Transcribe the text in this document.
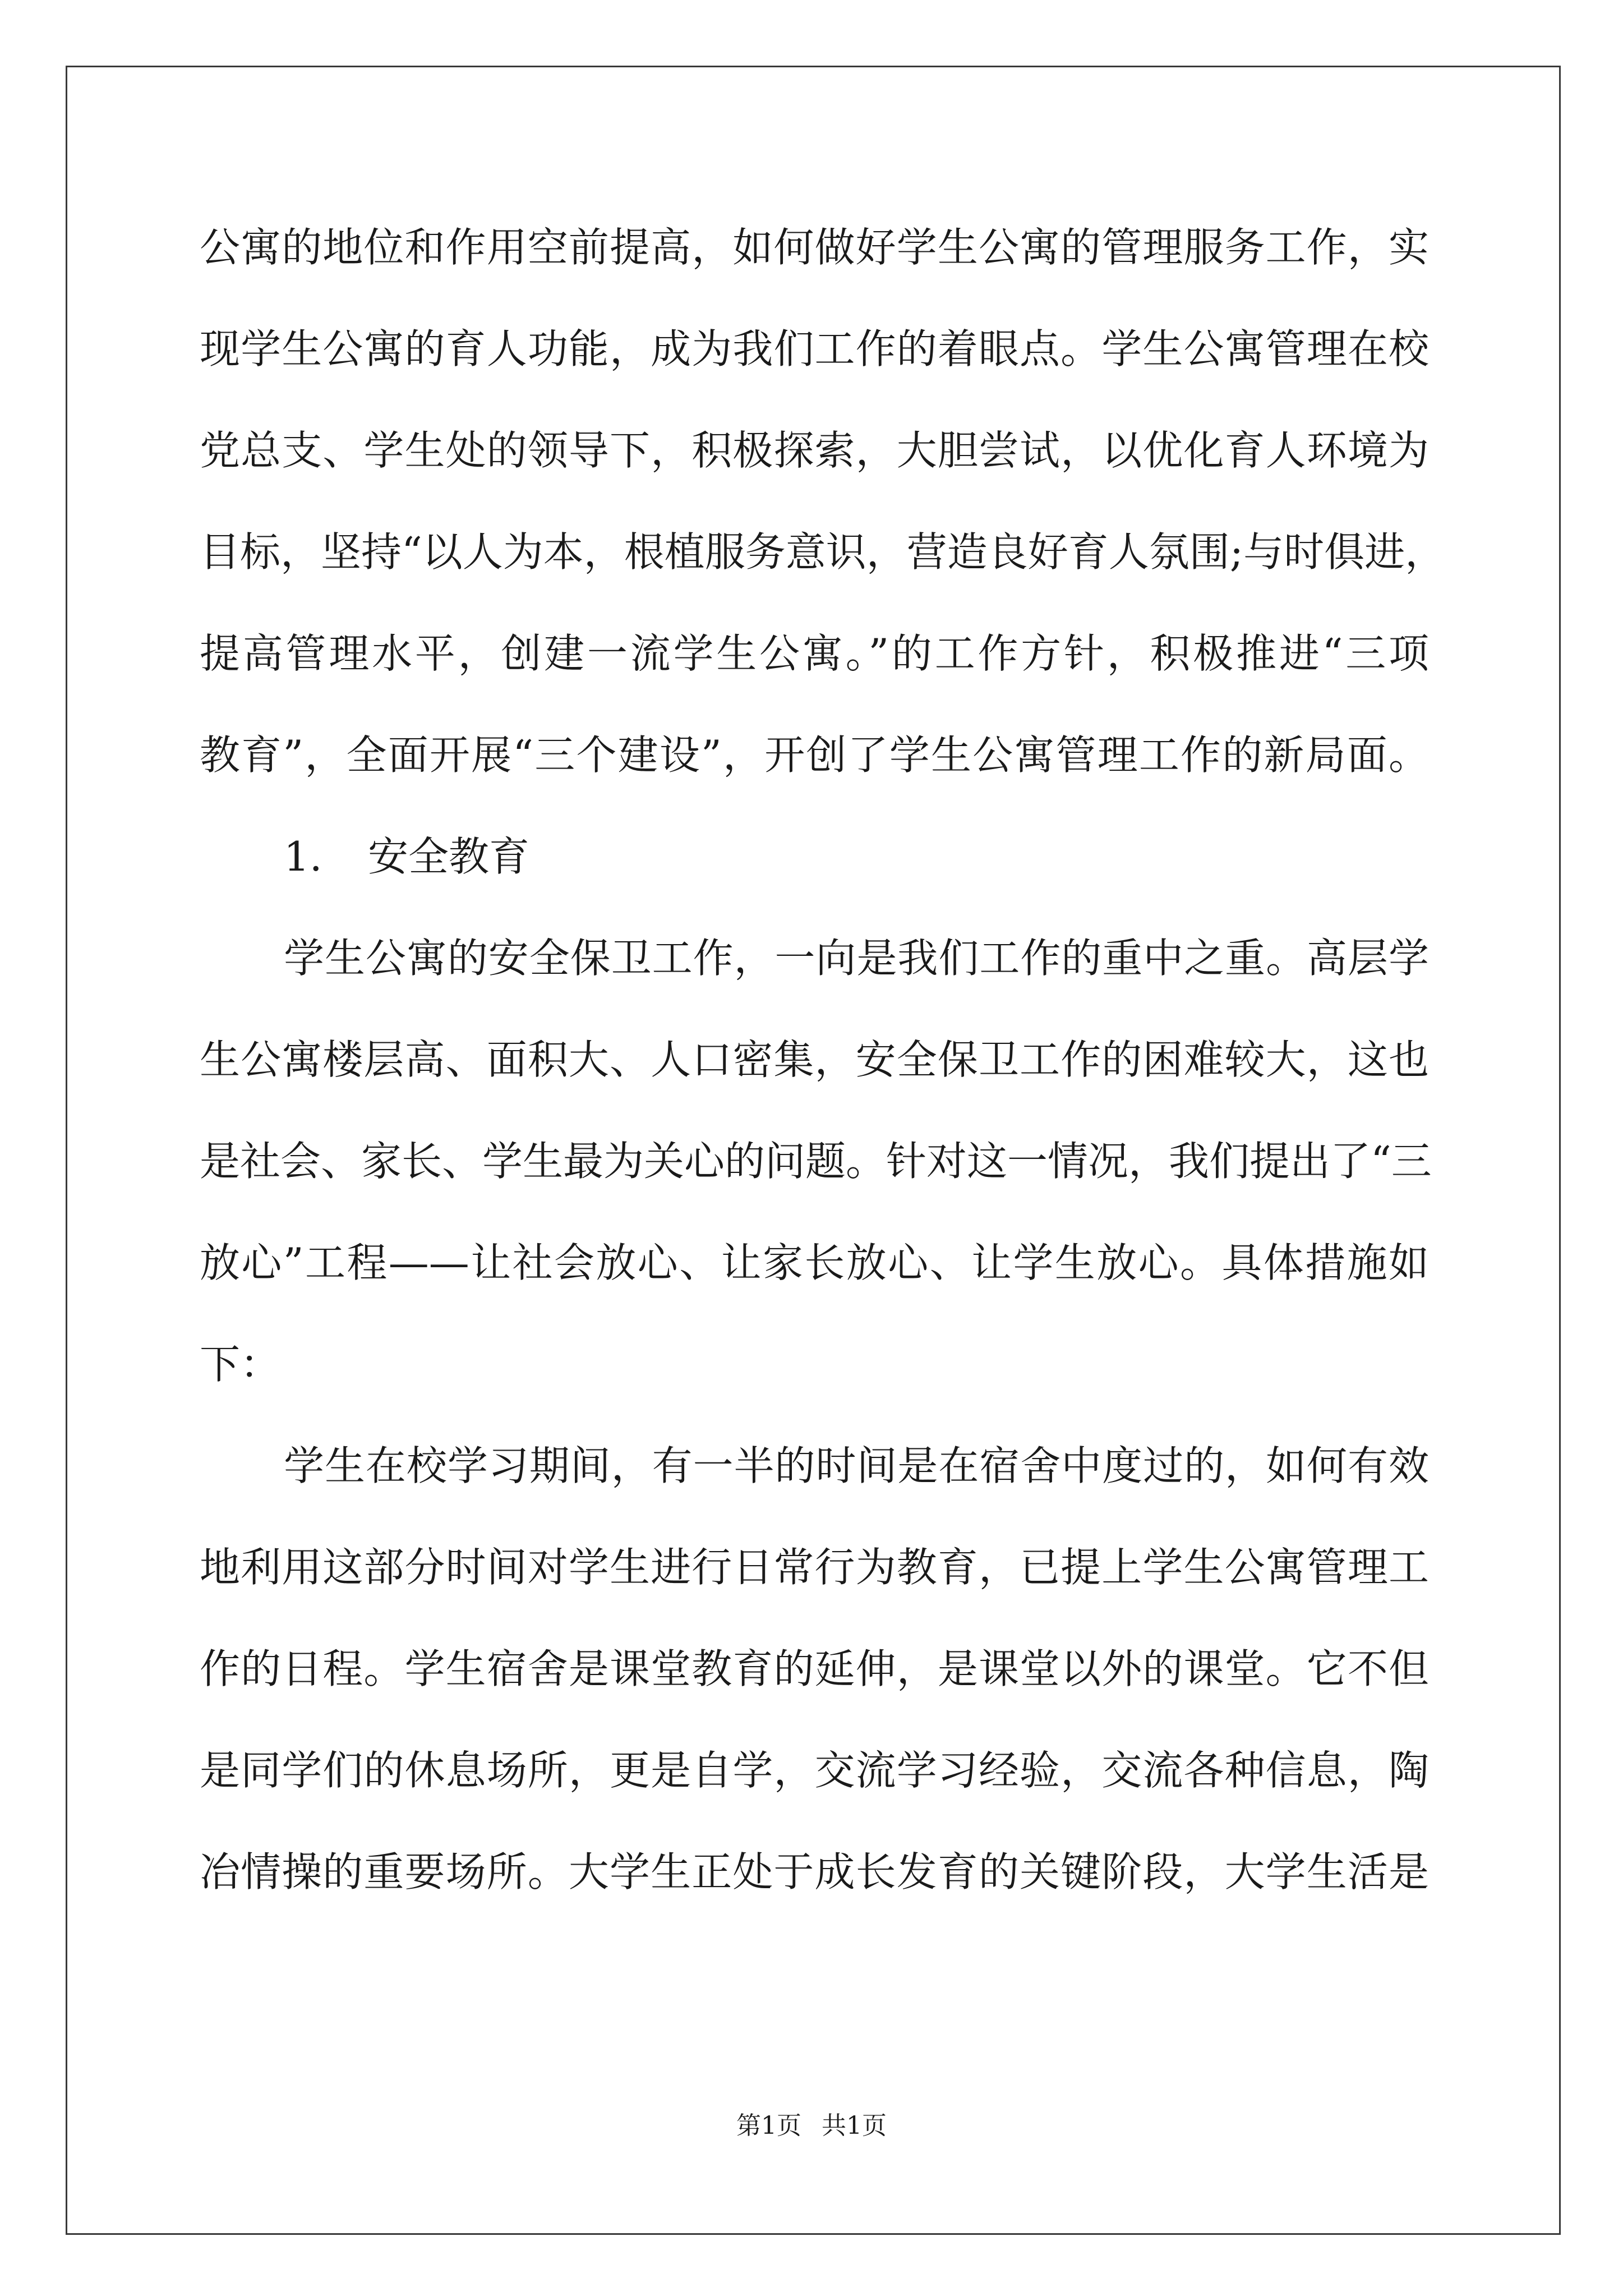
公寓的地位和作用空前提高，如何做好学生公寓的管理服务工作，实

现学生公寓的育人功能，成为我们工作的着眼点。学生公寓管理在校

党总支、学生处的领导下，积极探索，大胆尝试，以优化育人环境为

目标，坚持“以人为本，根植服务意识，营造良好育人氛围;与时俱进，

提高管理水平，创建一流学生公寓。”的工作方针，积极推进“三项

教育”，全面开展“三个建设”，开创了学生公寓管理工作的新局面。

1. 安全教育

学生公寓的安全保卫工作，一向是我们工作的重中之重。高层学

生公寓楼层高、面积大、人口密集，安全保卫工作的困难较大，这也

是社会、家长、学生最为关心的问题。针对这一情况，我们提出了“三

放心”工程——让社会放心、让家长放心、让学生放心。具体措施如

下：

学生在校学习期间，有一半的时间是在宿舍中度过的，如何有效

地利用这部分时间对学生进行日常行为教育，已提上学生公寓管理工

作的日程。学生宿舍是课堂教育的延伸，是课堂以外的课堂。它不但

是同学们的休息场所，更是自学，交流学习经验，交流各种信息，陶

冶情操的重要场所。大学生正处于成长发育的关键阶段，大学生活是

第1页 共1页
